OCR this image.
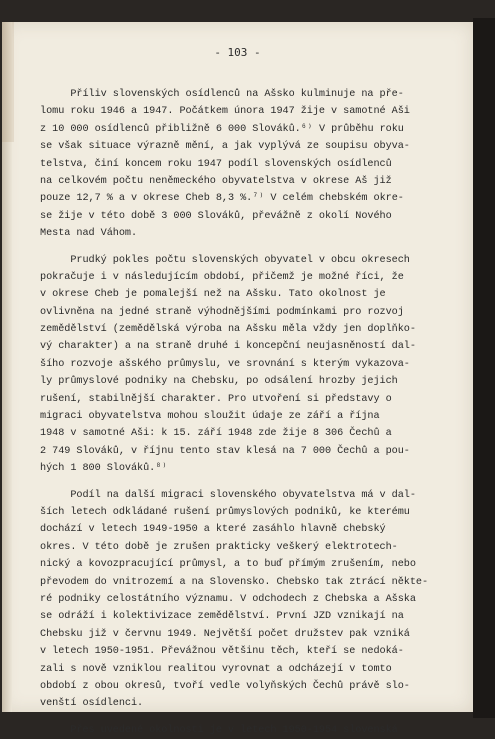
- 103 -
Příliv slovenských osídlenců na Ašsko kulminuje na pře-
lomu roku 1946 a 1947. Počátkem února 1947 žije v samotné Aši
z 10 000 osídlenců přibližně 6 000 Slováků.⁶⁾ V průběhu roku
se však situace výrazně mění, a jak vyplývá ze soupisu obyva-
telstva, činí koncem roku 1947 podíl slovenských osídlenců
na celkovém počtu neněmeckého obyvatelstva v okrese Aš již
pouze 12,7 % a v okrese Cheb 8,3 %.⁷⁾ V celém chebském okre-
se žije v této době 3 000 Slováků, převážně z okolí Nového
Mesta nad Váhom.
Prudký pokles počtu slovenských obyvatel v obcu okresech
pokračuje i v následujícím období, přičemž je možné říci, že
v okrese Cheb je pomalejší než na Ašsku. Tato okolnost je
ovlivněna na jedné straně výhodnějšími podmínkami pro rozvoj
zemědělství (zemědělská výroba na Ašsku měla vždy jen doplňko-
vý charakter) a na straně druhé i koncepční neujasněností dal-
šího rozvoje ašského průmyslu, ve srovnání s kterým vykazova-
ly průmyslové podniky na Chebsku, po odsálení hrozby jejich
rušení, stabilnější charakter. Pro utvoření si představy o
migraci obyvatelstva mohou sloužit údaje ze září a října
1948 v samotné Aši: k 15. září 1948 zde žije 8 306 Čechů a
2 749 Slováků, v říjnu tento stav klesá na 7 000 Čechů a pou-
hých 1 800 Slováků.⁸⁾
Podíl na další migraci slovenského obyvatelstva má v dal-
ších letech odkládané rušení průmyslových podniků, ke kterému
dochází v letech 1949-1950 a které zasáhlo hlavně chebský
okres. V této době je zrušen prakticky veškerý elektrotech-
nický a kovozpracující průmysl, a to buď přímým zrušením, nebo
převodem do vnitrozemí a na Slovensko. Chebsko tak ztrácí někte-
ré podniky celostátního významu. V odchodech z Chebska a Ašska
se odráží i kolektivizace zemědělství. První JZD vznikají na
Chebsku již v červnu 1949. Největší počet družstev pak vzniká
v letech 1950-1951. Převážnou většinu těch, kteří se nedoká-
zali s nově vzniklou realitou vyrovnat a odcházejí v tomto
období z obou okresů, tvoří vedle volyňských Čechů právě slo-
venští osídlenci.
Přes uvedené okolnosti je v letech 1950-1954 slovenská
